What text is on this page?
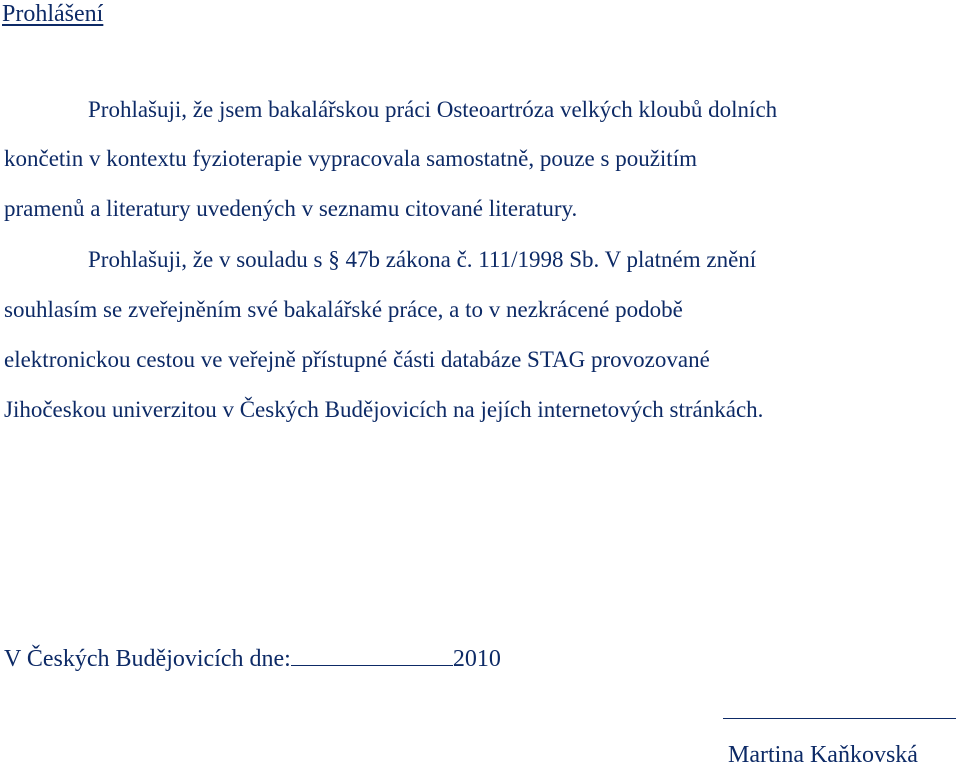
Prohlášení
Prohlašuji, že jsem bakalářskou práci Osteoartróza velkých kloubů dolních
končetin v kontextu fyzioterapie vypracovala samostatně, pouze s použitím
pramenů a literatury uvedených v seznamu citované literatury.
Prohlašuji, že v souladu s § 47b zákona č. 111/1998 Sb. V platném znění
souhlasím se zveřejněním své bakalářské práce, a to v nezkrácené podobě
elektronickou cestou ve veřejně přístupné části databáze STAG provozované
Jihočeskou univerzitou v Českých Budějovicích na jejích internetových stránkách.
V Českých Budějovicích dne:	2010
Martina Kaňkovská
